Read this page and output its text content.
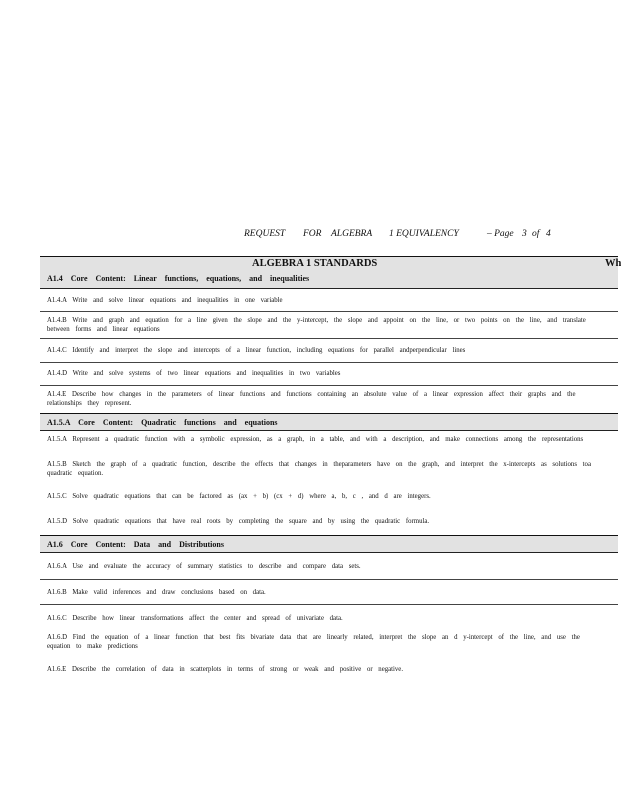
REQUEST FOR ALGEBRA 1 EQUIVALENCY	– Page 3 of 4
ALGEBRA 1 STANDARDS	Wh
A1.4 Core Content: Linear functions, equations, and inequalities
A1.4.A Write and solve linear equations and inequalities in one variable
A1.4.B Write and graph and equation for a line given the slope and the y-intercept, the slope and appoint on the line, or two points on the line, and translate between forms and linear equations
A1.4.C Identify and interpret the slope and intercepts of a linear function, including equations for parallel andperpendicular lines
A1.4.D Write and solve systems of two linear equations and inequalities in two variables
A1.4.E Describe how changes in the parameters of linear functions and functions containing an absolute value of a linear expression affect their graphs and the relationships they represent.
A1.5.A Core Content: Quadratic functions and equations
A1.5.A Represent a quadratic function with a symbolic expression, as a graph, in a table, and with a description, and make connections among the representations
A1.5.B Sketch the graph of a quadratic function, describe the effects that changes in theparameters have on the graph, and interpret the x-intercepts as solutions toa quadratic equation.
A1.5.C Solve quadratic equations that can be factored as (ax + b) (cx + d) where a, b, c , and d are integers.
A1.5.D Solve quadratic equations that have real roots by completing the square and by using the quadratic formula.
A1.6 Core Content: Data and Distributions
A1.6.A Use and evaluate the accuracy of summary statistics to describe and compare data sets.
A1.6.B Make valid inferences and draw conclusions based on data.
A1.6.C Describe how linear transformations affect the center and spread of univariate data.
A1.6.D Find the equation of a linear function that best fits bivariate data that are linearly related, interpret the slope an d y-intercept of the line, and use the equation to make predictions
A1.6.E Describe the correlation of data in scatterplots in terms of strong or weak and positive or negative.
